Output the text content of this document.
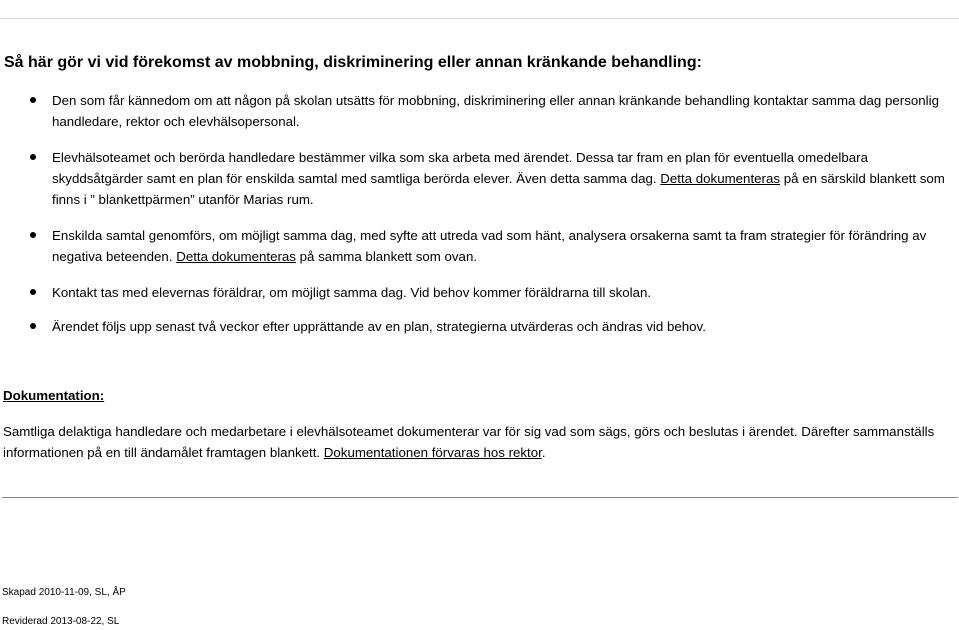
Så här gör vi vid förekomst av mobbning, diskriminering eller annan kränkande behandling:
Den som får kännedom om att någon på skolan utsätts för mobbning, diskriminering eller annan kränkande behandling kontaktar samma dag personlig handledare, rektor och elevhälsopersonal.
Elevhälsoteamet och berörda handledare bestämmer vilka som ska arbeta med ärendet. Dessa tar fram en plan för eventuella omedelbara skyddsåtgärder samt en plan för enskilda samtal med samtliga berörda elever. Även detta samma dag. Detta dokumenteras på en särskild blankett som finns i ” blankettpärmen” utanför Marias rum.
Enskilda samtal genomförs, om möjligt samma dag, med syfte att utreda vad som hänt, analysera orsakerna samt ta fram strategier för förändring av negativa beteenden. Detta dokumenteras på samma blankett som ovan.
Kontakt tas med elevernas föräldrar, om möjligt samma dag. Vid behov kommer föräldrarna till skolan.
Ärendet följs upp senast två veckor efter upprättande av en plan, strategierna utvärderas och ändras vid behov.
Dokumentation:

Samtliga delaktiga handledare och medarbetare i elevhälsoteamet dokumenterar var för sig vad som sägs, görs och beslutas i ärendet. Därefter sammanställs informationen på en till ändamålet framtagen blankett. Dokumentationen förvaras hos rektor.

Skapad 2010-11-09, SL, ÅP

Reviderad 2013-08-22, SL
